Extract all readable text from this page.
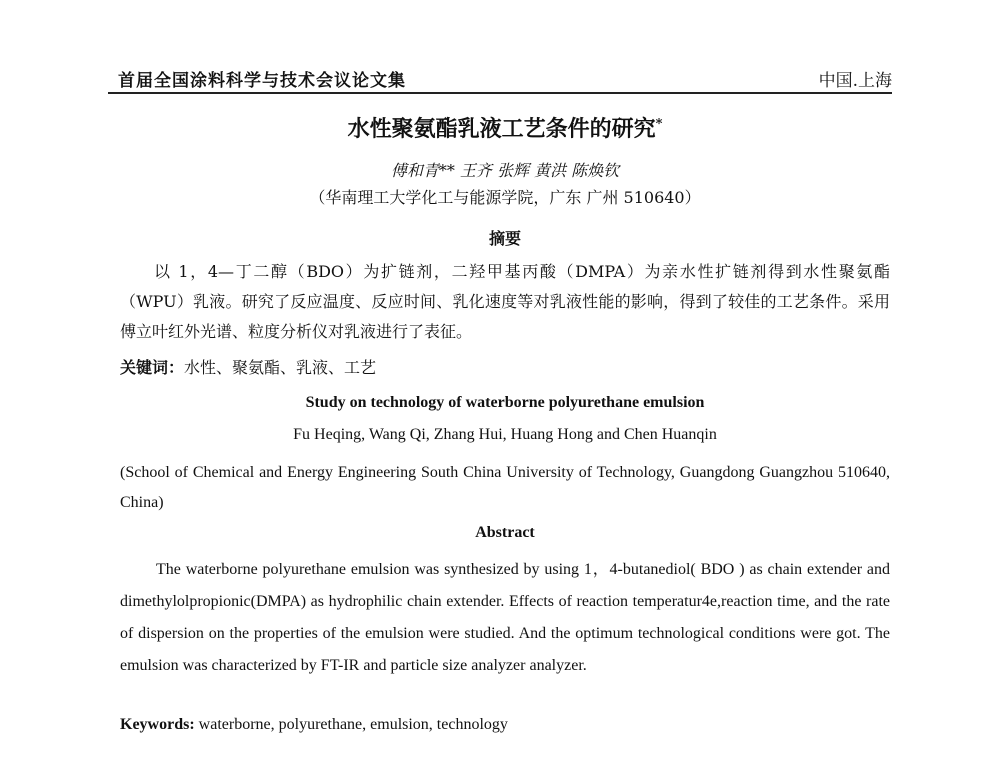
首届全国涂料科学与技术会议论文集	中国.上海
水性聚氨酯乳液工艺条件的研究*
傅和青** 王齐 张辉 黄洪 陈焕钦
（华南理工大学化工与能源学院，广东 广州 510640）
摘要
以 1，4—丁二醇（BDO）为扩链剂，二羟甲基丙酸（DMPA）为亲水性扩链剂得到水性聚氨酯（WPU）乳液。研究了反应温度、反应时间、乳化速度等对乳液性能的影响，得到了较佳的工艺条件。采用傅立叶红外光谱、粒度分析仪对乳液进行了表征。
关键词：水性、聚氨酯、乳液、工艺
Study on technology of waterborne polyurethane emulsion
Fu Heqing, Wang Qi, Zhang Hui, Huang Hong and Chen Huanqin
(School of Chemical and Energy Engineering South China University of Technology, Guangdong Guangzhou 510640, China)
Abstract
The waterborne polyurethane emulsion was synthesized by using 1，4-butanediol( BDO ) as chain extender and dimethylolpropionic(DMPA) as hydrophilic chain extender. Effects of reaction temperatur4e,reaction time, and the rate of dispersion on the properties of the emulsion were studied. And the optimum technological conditions were got. The emulsion was characterized by FT-IR and particle size analyzer analyzer.
Keywords: waterborne, polyurethane, emulsion, technology
